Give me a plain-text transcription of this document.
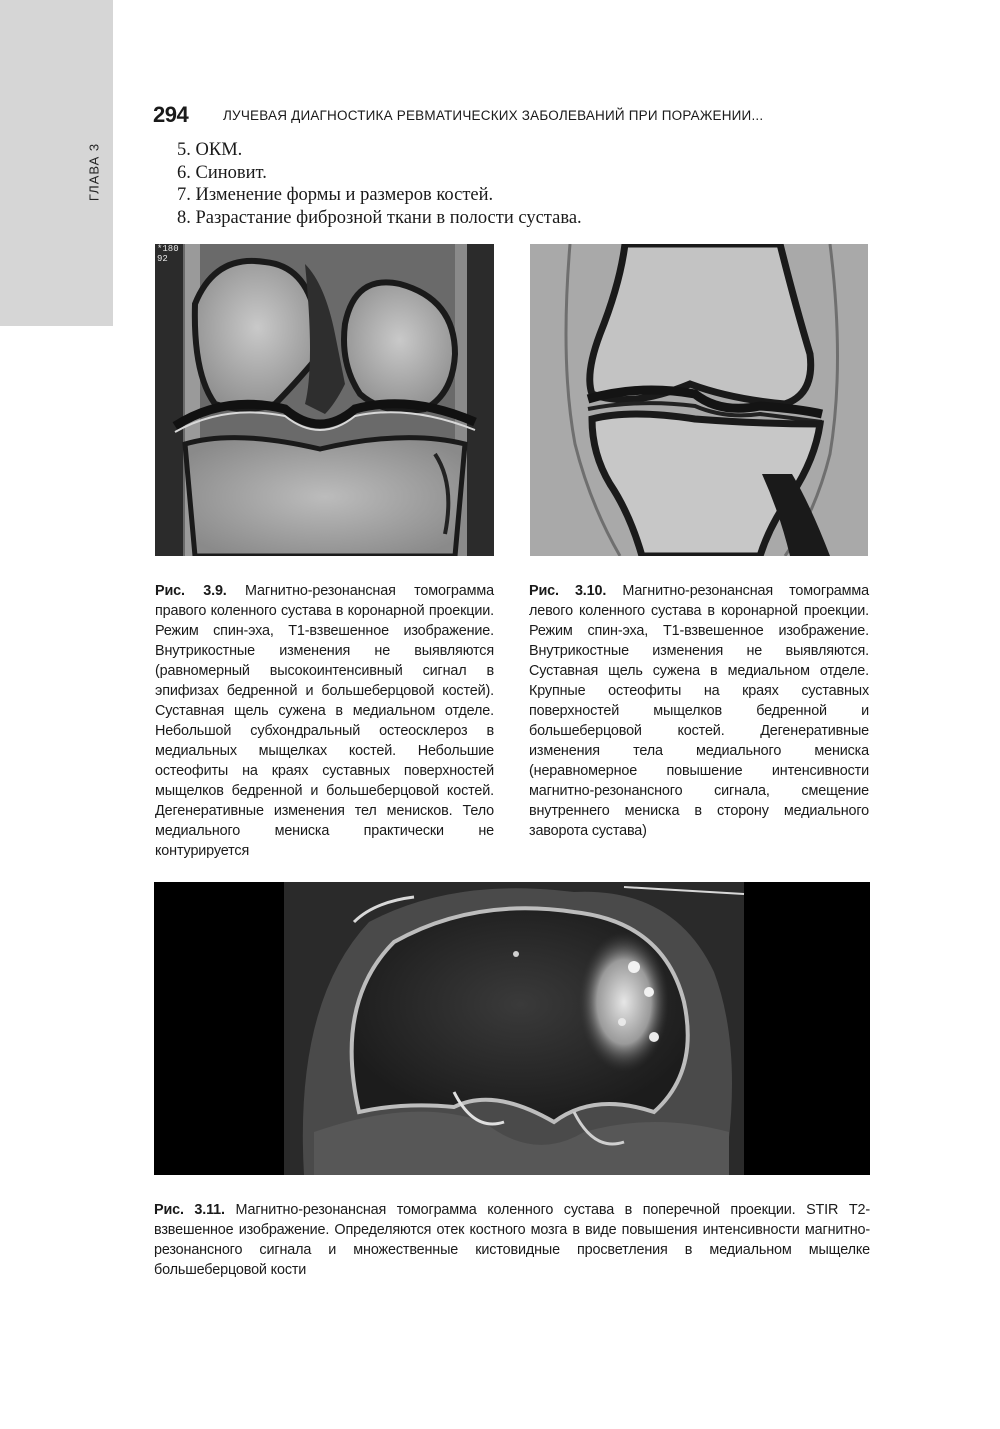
ГЛАВА 3
294	ЛУЧЕВАЯ ДИАГНОСТИКА РЕВМАТИЧЕСКИХ ЗАБОЛЕВАНИЙ ПРИ ПОРАЖЕНИИ...
5. ОКМ.
6. Синовит.
7. Изменение формы и размеров костей.
8. Разрастание фиброзной ткани в полости сустава.
*180
92

Рис. 3.9. Магнитно-резонансная томограмма правого коленного сустава в коронарной проекции. Режим спин-эха, Т1-взвешенное изображение. Внутрикостные изменения не выявляются (равномерный высокоинтенсивный сигнал в эпифизах бедренной и большеберцовой костей). Суставная щель сужена в медиальном отделе. Небольшой субхондральный остеосклероз в медиальных мыщелках костей. Небольшие остеофиты на краях суставных поверхностей мыщелков бедренной и большеберцовой костей. Дегенеративные изменения тел менисков. Тело медиального мениска практически не контурируется

Рис. 3.10. Магнитно-резонансная томограмма левого коленного сустава в коронарной проекции. Режим спин-эха, Т1-взвешенное изображение. Внутрикостные изменения не выявляются. Суставная щель сужена в медиальном отделе. Крупные остеофиты на краях суставных поверхностей мыщелков бедренной и большеберцовой костей. Дегенеративные изменения тела медиального мениска (неравномерное повышение интенсивности магнитно-резонансного сигнала, смещение внутреннего мениска в сторону медиального заворота сустава)

Рис. 3.11. Магнитно-резонансная томограмма коленного сустава в поперечной проекции. STIR Т2-взвешенное изображение. Определяются отек костного мозга в виде повышения интенсивности магнитно-резонансного сигнала и множественные кистовидные просветления в медиальном мыщелке большеберцовой кости
